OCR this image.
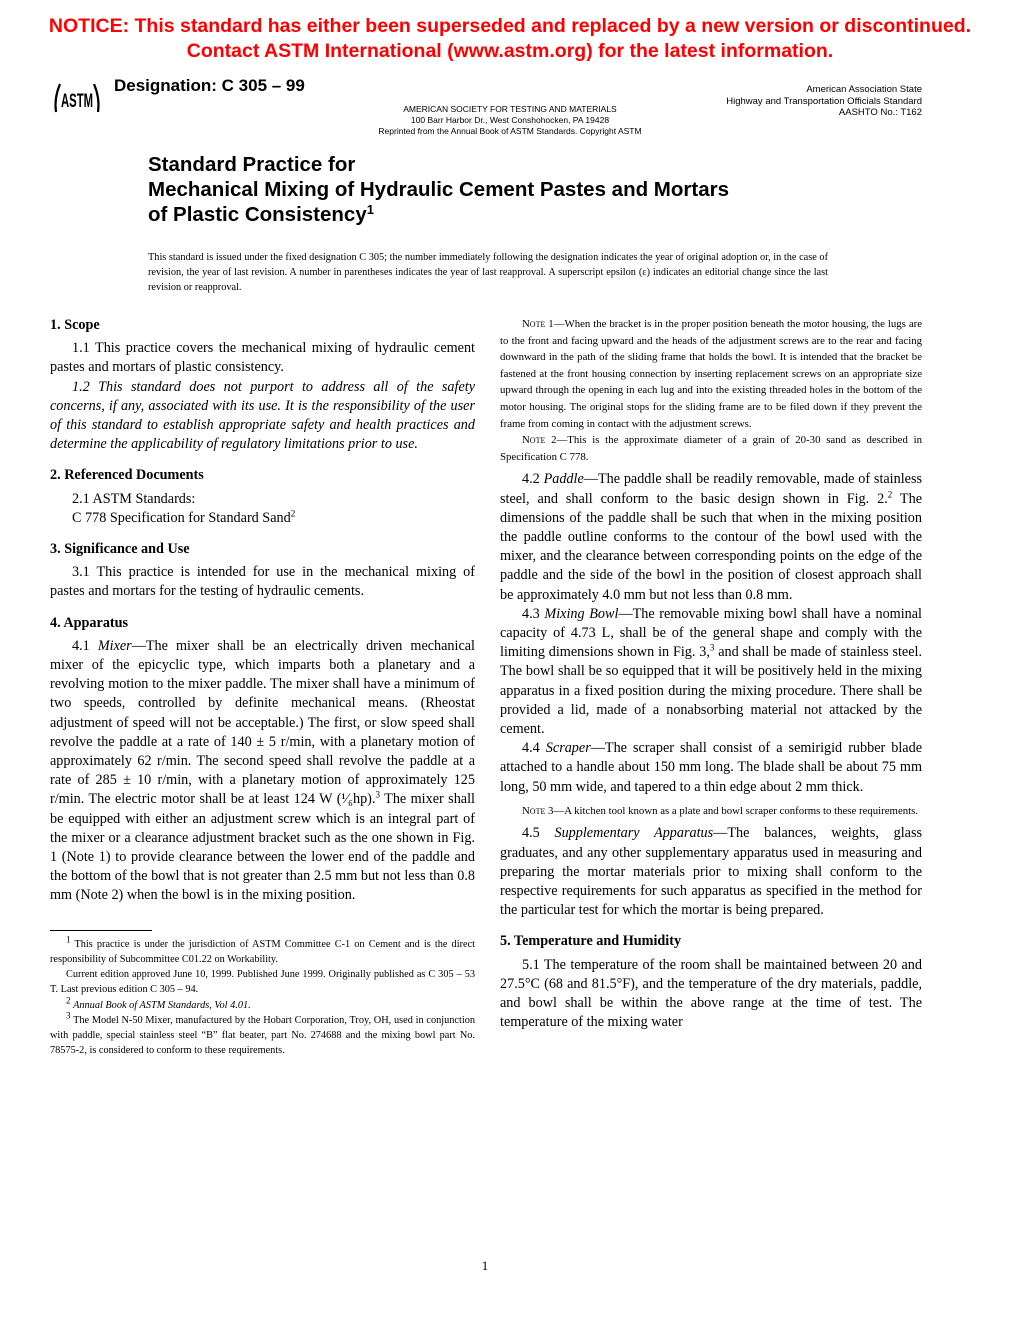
NOTICE: This standard has either been superseded and replaced by a new version or discontinued.
Contact ASTM International (www.astm.org) for the latest information.
ASTM
Designation: C 305 – 99
AMERICAN SOCIETY FOR TESTING AND MATERIALS
100 Barr Harbor Dr., West Conshohocken, PA 19428
Reprinted from the Annual Book of ASTM Standards. Copyright ASTM
American Association State
Highway and Transportation Officials Standard
AASHTO No.: T162
Standard Practice for
Mechanical Mixing of Hydraulic Cement Pastes and Mortars
of Plastic Consistency$^1$
This standard is issued under the fixed designation C 305; the number immediately following the designation indicates the year of original adoption or, in the case of revision, the year of last revision. A number in parentheses indicates the year of last reapproval. A superscript epsilon (ε) indicates an editorial change since the last revision or reapproval.

1. Scope

1.1 This practice covers the mechanical mixing of hydraulic cement pastes and mortars of plastic consistency.

1.2 This standard does not purport to address all of the safety concerns, if any, associated with its use. It is the responsibility of the user of this standard to establish appropriate safety and health practices and determine the applicability of regulatory limitations prior to use.

2. Referenced Documents

2.1 ASTM Standards:

C 778 Specification for Standard Sand$^2$

3. Significance and Use

3.1 This practice is intended for use in the mechanical mixing of pastes and mortars for the testing of hydraulic cements.

4. Apparatus

4.1 Mixer—The mixer shall be an electrically driven mechanical mixer of the epicyclic type, which imparts both a planetary and a revolving motion to the mixer paddle. The mixer shall have a minimum of two speeds, controlled by definite mechanical means. (Rheostat adjustment of speed will not be acceptable.) The first, or slow speed shall revolve the paddle at a rate of 140 ± 5 r/min, with a planetary motion of approximately 62 r/min. The second speed shall revolve the paddle at a rate of 285 ± 10 r/min, with a planetary motion of approximately 125 r/min. The electric motor shall be at least 124 W (¹⁄₆hp).$^3$ The mixer shall be equipped with either an adjustment screw which is an integral part of the mixer or a clearance adjustment bracket such as the one shown in Fig. 1 (Note 1) to provide clearance between the lower end of the paddle and the bottom of the bowl that is not greater than 2.5 mm but not less than 0.8 mm (Note 2) when the bowl is in the mixing position.

$^1$ This practice is under the jurisdiction of ASTM Committee C-1 on Cement and is the direct responsibility of Subcommittee C01.22 on Workability.

Current edition approved June 10, 1999. Published June 1999. Originally published as C 305 – 53 T. Last previous edition C 305 – 94.

$^2$ Annual Book of ASTM Standards, Vol 4.01.

$^3$ The Model N-50 Mixer, manufactured by the Hobart Corporation, Troy, OH, used in conjunction with paddle, special stainless steel “B” flat beater, part No. 274688 and the mixing bowl part No. 78575-2, is considered to conform to these requirements.

Note 1—When the bracket is in the proper position beneath the motor housing, the lugs are to the front and facing upward and the heads of the adjustment screws are to the rear and facing downward in the path of the sliding frame that holds the bowl. It is intended that the bracket be fastened at the front housing connection by inserting replacement screws on an appropriate size upward through the opening in each lug and into the existing threaded holes in the bottom of the motor housing. The original stops for the sliding frame are to be filed down if they prevent the frame from coming in contact with the adjustment screws.

Note 2—This is the approximate diameter of a grain of 20-30 sand as described in Specification C 778.

4.2 Paddle—The paddle shall be readily removable, made of stainless steel, and shall conform to the basic design shown in Fig. 2.$^2$ The dimensions of the paddle shall be such that when in the mixing position the paddle outline conforms to the contour of the bowl used with the mixer, and the clearance between corresponding points on the edge of the paddle and the side of the bowl in the position of closest approach shall be approximately 4.0 mm but not less than 0.8 mm.

4.3 Mixing Bowl—The removable mixing bowl shall have a nominal capacity of 4.73 L, shall be of the general shape and comply with the limiting dimensions shown in Fig. 3,$^3$ and shall be made of stainless steel. The bowl shall be so equipped that it will be positively held in the mixing apparatus in a fixed position during the mixing procedure. There shall be provided a lid, made of a nonabsorbing material not attacked by the cement.

4.4 Scraper—The scraper shall consist of a semirigid rubber blade attached to a handle about 150 mm long. The blade shall be about 75 mm long, 50 mm wide, and tapered to a thin edge about 2 mm thick.

Note 3—A kitchen tool known as a plate and bowl scraper conforms to these requirements.

4.5 Supplementary Apparatus—The balances, weights, glass graduates, and any other supplementary apparatus used in measuring and preparing the mortar materials prior to mixing shall conform to the respective requirements for such apparatus as specified in the method for the particular test for which the mortar is being prepared.

5. Temperature and Humidity

5.1 The temperature of the room shall be maintained between 20 and 27.5°C (68 and 81.5°F), and the temperature of the dry materials, paddle, and bowl shall be within the above range at the time of test. The temperature of the mixing water

1
